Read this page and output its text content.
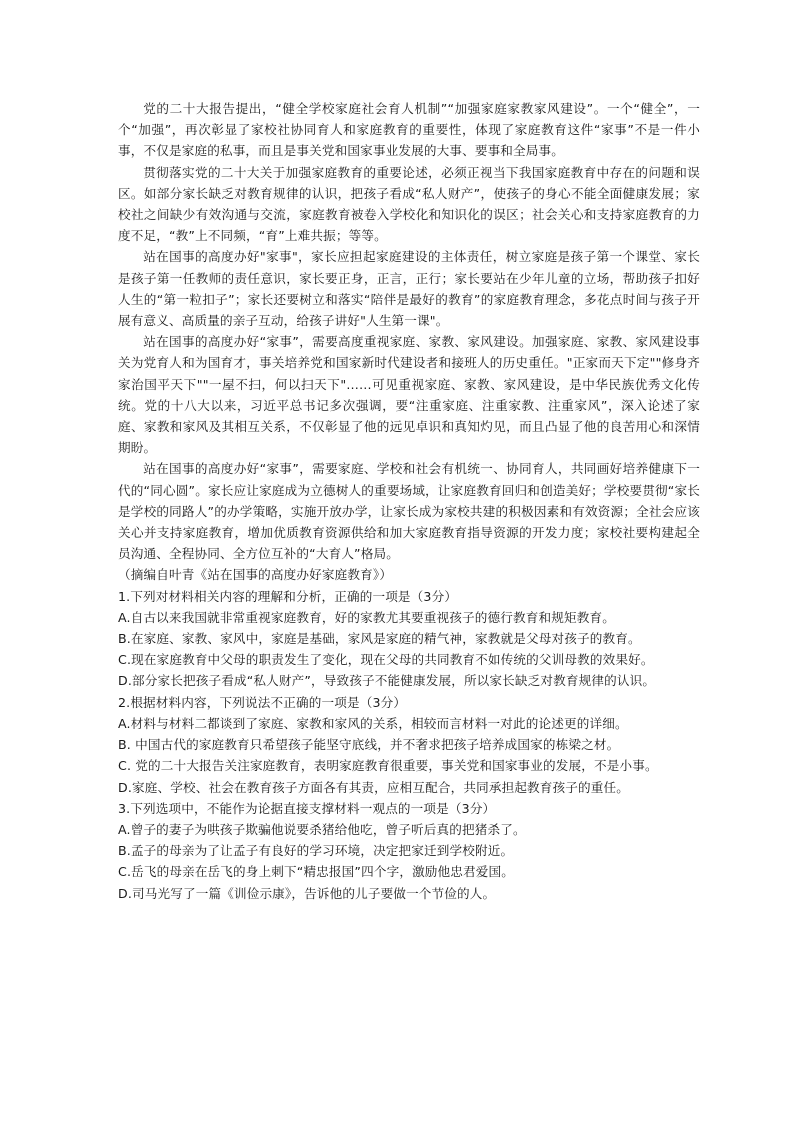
党的二十大报告提出，“健全学校家庭社会育人机制”“加强家庭家教家风建设”。一个“健全”，一个“加强”，再次彰显了家校社协同育人和家庭教育的重要性，体现了家庭教育这件“家事”不是一件小事，不仅是家庭的私事，而且是事关党和国家事业发展的大事、要事和全局事。

贯彻落实党的二十大关于加强家庭教育的重要论述，必须正视当下我国家庭教育中存在的问题和误区。如部分家长缺乏对教育规律的认识，把孩子看成“私人财产”，使孩子的身心不能全面健康发展；家校社之间缺少有效沟通与交流，家庭教育被卷入学校化和知识化的误区；社会关心和支持家庭教育的力度不足，“教”上不同频，“育”上难共振；等等。

站在国事的高度办好"家事"，家长应担起家庭建设的主体责任，树立家庭是孩子第一个课堂、家长是孩子第一任教师的责任意识，家长要正身，正言，正行；家长要站在少年儿童的立场，帮助孩子扣好人生的“第一粒扣子”；家长还要树立和落实“陪伴是最好的教育”的家庭教育理念，多花点时间与孩子开展有意义、高质量的亲子互动，给孩子讲好"人生第一课"。

站在国事的高度办好“家事”，需要高度重视家庭、家教、家风建设。加强家庭、家教、家风建设事关为党育人和为国育才，事关培养党和国家新时代建设者和接班人的历史重任。"正家而天下定""修身齐家治国平天下""一屋不扫，何以扫天下"……可见重视家庭、家教、家风建设，是中华民族优秀文化传统。党的十八大以来，习近平总书记多次强调，要“注重家庭、注重家教、注重家风”，深入论述了家庭、家教和家风及其相互关系，不仅彰显了他的远见卓识和真知灼见，而且凸显了他的良苦用心和深情期盼。

站在国事的高度办好“家事”，需要家庭、学校和社会有机统一、协同育人，共同画好培养健康下一代的“同心圆”。家长应让家庭成为立德树人的重要场域，让家庭教育回归和创造美好；学校要贯彻“家长是学校的同路人”的办学策略，实施开放办学，让家长成为家校共建的积极因素和有效资源；全社会应该关心并支持家庭教育，增加优质教育资源供给和加大家庭教育指导资源的开发力度；家校社要构建起全员沟通、全程协同、全方位互补的“大育人”格局。

（摘编自叶青《站在国事的高度办好家庭教育》）

1.下列对材料相关内容的理解和分析，正确的一项是（3分）

A.自古以来我国就非常重视家庭教育，好的家教尤其要重视孩子的德行教育和规矩教育。

B.在家庭、家教、家风中，家庭是基础，家风是家庭的精气神，家教就是父母对孩子的教育。

C.现在家庭教育中父母的职责发生了变化，现在父母的共同教育不如传统的父训母教的效果好。

D.部分家长把孩子看成“私人财产”，导致孩子不能健康发展，所以家长缺乏对教育规律的认识。

2.根据材料内容，下列说法不正确的一项是（3分）

A.材料与材料二都谈到了家庭、家教和家风的关系，相较而言材料一对此的论述更的详细。

B. 中国古代的家庭教育只希望孩子能坚守底线，并不奢求把孩子培养成国家的栋梁之材。

C. 党的二十大报告关注家庭教育，表明家庭教育很重要，事关党和国家事业的发展，不是小事。

D.家庭、学校、社会在教育孩子方面各有其责，应相互配合，共同承担起教育孩子的重任。

3.下列选项中，不能作为论据直接支撑材料一观点的一项是（3分）

A.曾子的妻子为哄孩子欺骗他说要杀猪给他吃，曾子听后真的把猪杀了。

B.孟子的母亲为了让孟子有良好的学习环境，决定把家迁到学校附近。

C.岳飞的母亲在岳飞的身上刺下“精忠报国”四个字，激励他忠君爱国。

D.司马光写了一篇《训俭示康》，告诉他的儿子要做一个节俭的人。
